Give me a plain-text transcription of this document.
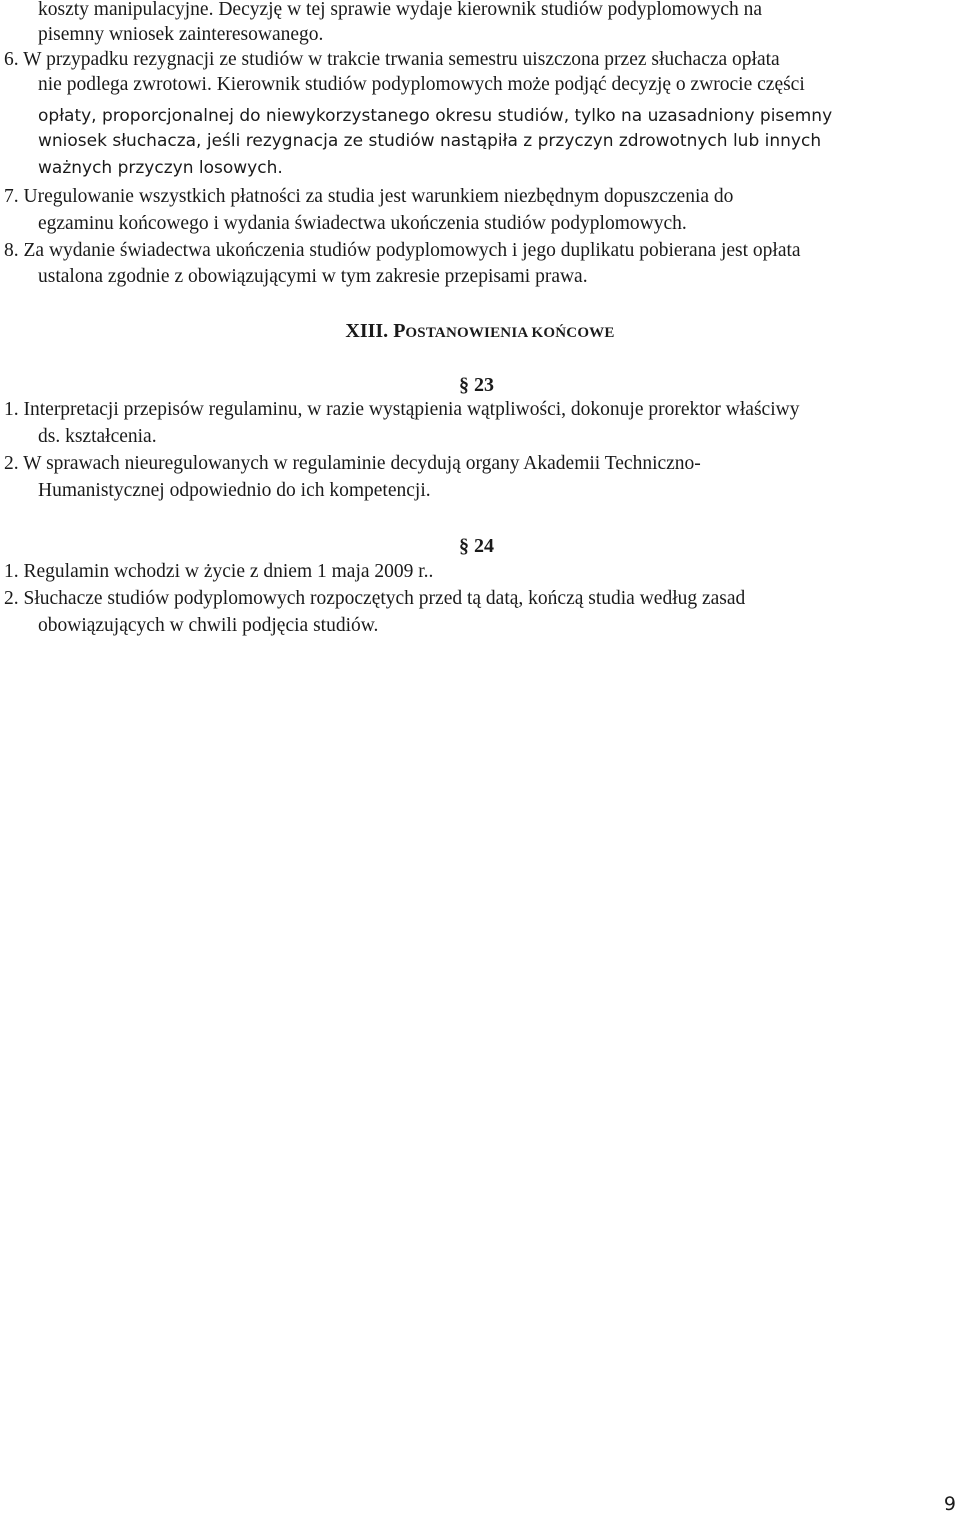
koszty manipulacyjne. Decyzję w tej sprawie wydaje kierownik studiów podyplomowych na
pisemny wniosek zainteresowanego.
6. W przypadku rezygnacji ze studiów w trakcie trwania semestru uiszczona przez słuchacza opłata
nie podlega zwrotowi. Kierownik studiów podyplomowych może podjąć decyzję o zwrocie części
opłaty, proporcjonalnej do niewykorzystanego okresu studiów, tylko na uzasadniony pisemny
wniosek słuchacza, jeśli rezygnacja ze studiów nastąpiła z przyczyn zdrowotnych lub innych
ważnych przyczyn losowych.
7. Uregulowanie wszystkich płatności za studia jest warunkiem niezbędnym dopuszczenia do
egzaminu końcowego i wydania świadectwa ukończenia studiów podyplomowych.
8. Za wydanie świadectwa ukończenia studiów podyplomowych i jego duplikatu pobierana jest opłata
ustalona zgodnie z obowiązującymi w tym zakresie przepisami prawa.
XIII. POSTANOWIENIA KOŃCOWE
§ 23
1. Interpretacji przepisów regulaminu, w razie wystąpienia wątpliwości, dokonuje prorektor właściwy
ds. kształcenia.
2. W sprawach nieuregulowanych w regulaminie decydują organy Akademii Techniczno-
Humanistycznej odpowiednio do ich kompetencji.
§ 24
1. Regulamin wchodzi w życie z dniem 1 maja 2009 r..
2. Słuchacze studiów podyplomowych rozpoczętych przed tą datą, kończą studia według zasad
obowiązujących w chwili podjęcia studiów.
9
